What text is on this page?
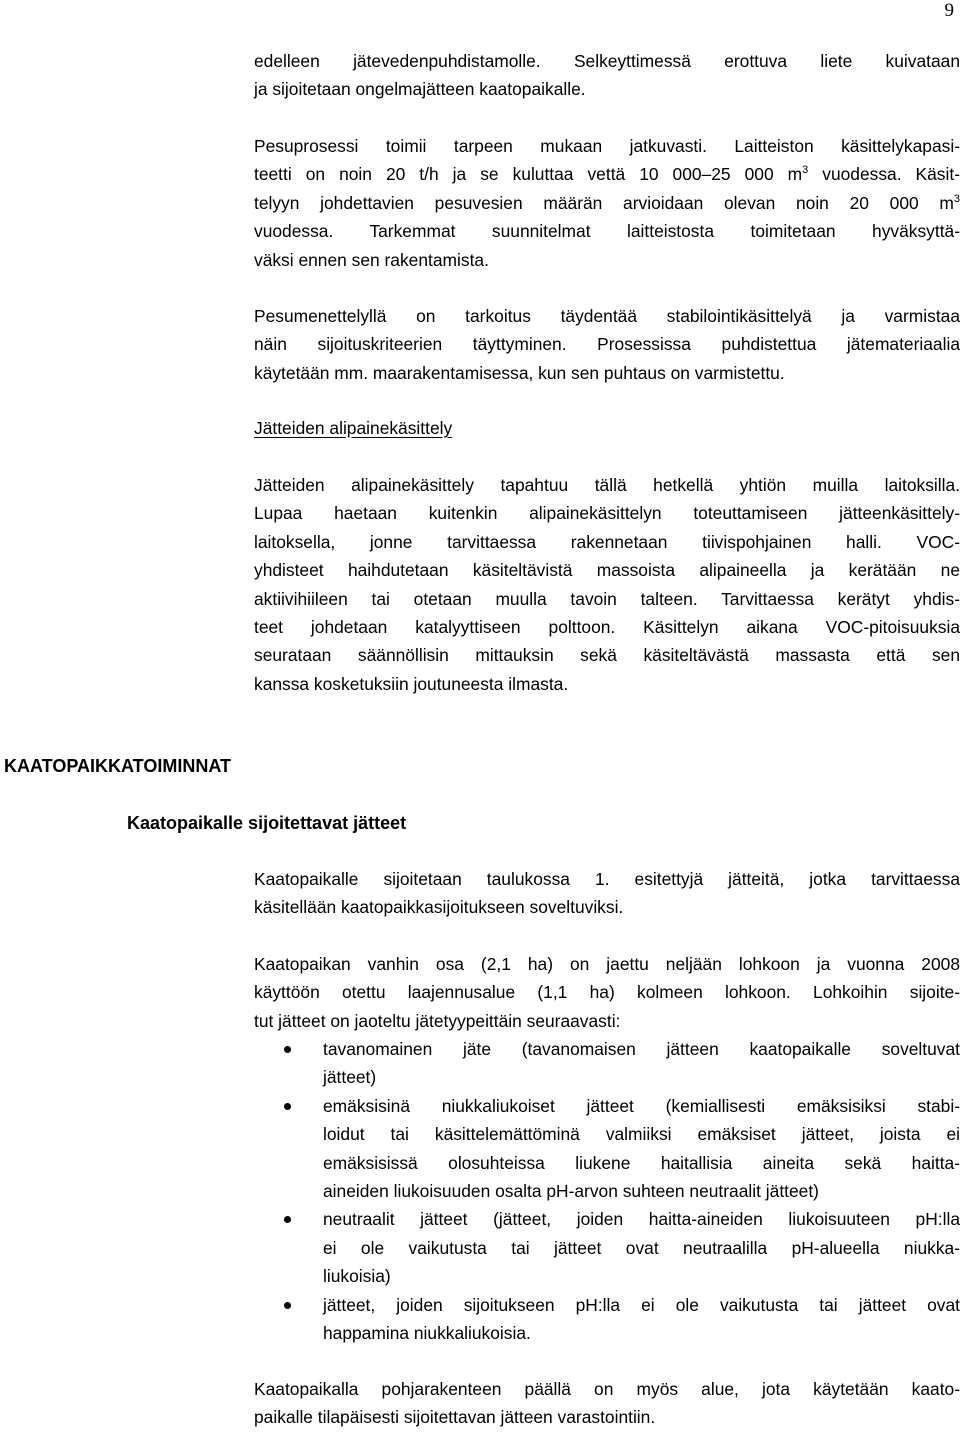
9
edelleen jätevedenpuhdistamolle. Selkeyttimessä erottuva liete kuivataan
ja sijoitetaan ongelmajätteen kaatopaikalle.
Pesuprosessi toimii tarpeen mukaan jatkuvasti. Laitteiston käsittelykapasi-
teetti on noin 20 t/h ja se kuluttaa vettä 10 000–25 000 $m^3$ vuodessa. Käsit-
telyyn johdettavien pesuvesien määrän arvioidaan olevan noin 20 000 $m^3$
vuodessa. Tarkemmat suunnitelmat laitteistosta toimitetaan hyväksyttä-
väksi ennen sen rakentamista.
Pesumenettelyllä on tarkoitus täydentää stabilointikäsittelyä ja varmistaa
näin sijoituskriteerien täyttyminen. Prosessissa puhdistettua jätemateriaalia
käytetään mm. maarakentamisessa, kun sen puhtaus on varmistettu.
Jätteiden alipainekäsittely
Jätteiden alipainekäsittely tapahtuu tällä hetkellä yhtiön muilla laitoksilla.
Lupaa haetaan kuitenkin alipainekäsittelyn toteuttamiseen jätteenkäsittely-
laitoksella, jonne tarvittaessa rakennetaan tiivispohjainen halli. VOC-
yhdisteet haihdutetaan käsiteltävistä massoista alipaineella ja kerätään ne
aktiivihiileen tai otetaan muulla tavoin talteen. Tarvittaessa kerätyt yhdis-
teet johdetaan katalyyttiseen polttoon. Käsittelyn aikana VOC-pitoisuuksia
seurataan säännöllisin mittauksin sekä käsiteltävästä massasta että sen
kanssa kosketuksiin joutuneesta ilmasta.
KAATOPAIKKATOIMINNAT
Kaatopaikalle sijoitettavat jätteet
Kaatopaikalle sijoitetaan taulukossa 1. esitettyjä jätteitä, jotka tarvittaessa
käsitellään kaatopaikkasijoitukseen soveltuviksi.
Kaatopaikan vanhin osa (2,1 ha) on jaettu neljään lohkoon ja vuonna 2008
käyttöön otettu laajennusalue (1,1 ha) kolmeen lohkoon. Lohkoihin sijoite-
tut jätteet on jaoteltu jätetyypeittäin seuraavasti:
tavanomainen jäte (tavanomaisen jätteen kaatopaikalle soveltuvat
jätteet)
emäksisinä niukkaliukoiset jätteet (kemiallisesti emäksisiksi stabi-
loidut tai käsittelemättöminä valmiiksi emäksiset jätteet, joista ei
emäksisissä olosuhteissa liukene haitallisia aineita sekä haitta-
aineiden liukoisuuden osalta pH-arvon suhteen neutraalit jätteet)
neutraalit jätteet (jätteet, joiden haitta-aineiden liukoisuuteen pH:lla
ei ole vaikutusta tai jätteet ovat neutraalilla pH-alueella niukka-
liukoisia)
jätteet, joiden sijoitukseen pH:lla ei ole vaikutusta tai jätteet ovat
happamina niukkaliukoisia.
Kaatopaikalla pohjarakenteen päällä on myös alue, jota käytetään kaato-
paikalle tilapäisesti sijoitettavan jätteen varastointiin.
